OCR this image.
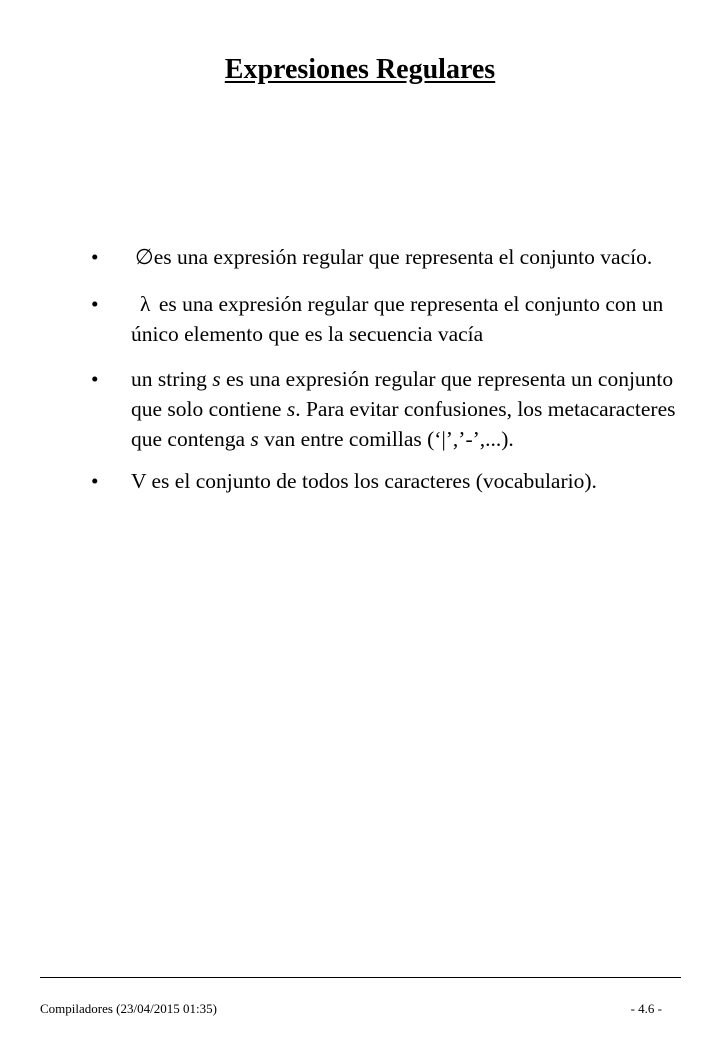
Expresiones Regulares
• ∅es una expresión regular que representa el conjunto vacío.
• λ es una expresión regular que representa el conjunto con un único elemento que es la secuencia vacía
• un string s es una expresión regular que representa un conjunto que solo contiene s. Para evitar confusiones, los metacaracteres que contenga s van entre comillas (‘|’,’-’,...).
• V es el conjunto de todos los caracteres (vocabulario).
Compiladores (23/04/2015 01:35)	- 4.6 -
